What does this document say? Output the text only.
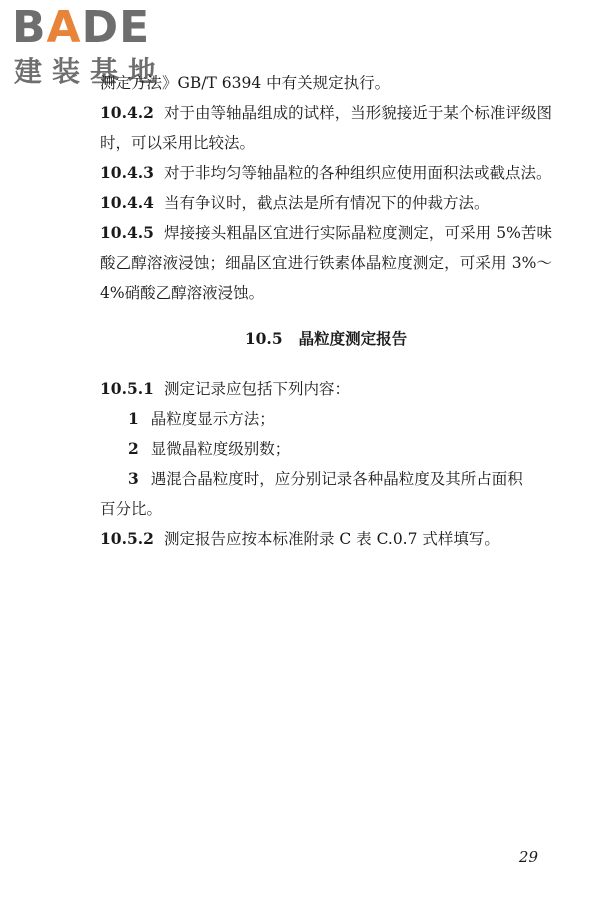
BADE
建装基地

测定方法》GB/T 6394 中有关规定执行。

10.4.2 对于由等轴晶组成的试样，当形貌接近于某个标准评级图时，可以采用比较法。

10.4.3 对于非均匀等轴晶粒的各种组织应使用面积法或截点法。

10.4.4 当有争议时，截点法是所有情况下的仲裁方法。

10.4.5 焊接接头粗晶区宜进行实际晶粒度测定，可采用 5%苦味酸乙醇溶液浸蚀；细晶区宜进行铁素体晶粒度测定，可采用 3%～ 4%硝酸乙醇溶液浸蚀。

10.5 晶粒度测定报告

10.5.1 测定记录应包括下列内容：

1 晶粒度显示方法；

2 显微晶粒度级别数；

3 遇混合晶粒度时，应分别记录各种晶粒度及其所占面积

百分比。

10.5.2 测定报告应按本标准附录 C 表 C.0.7 式样填写。

29
